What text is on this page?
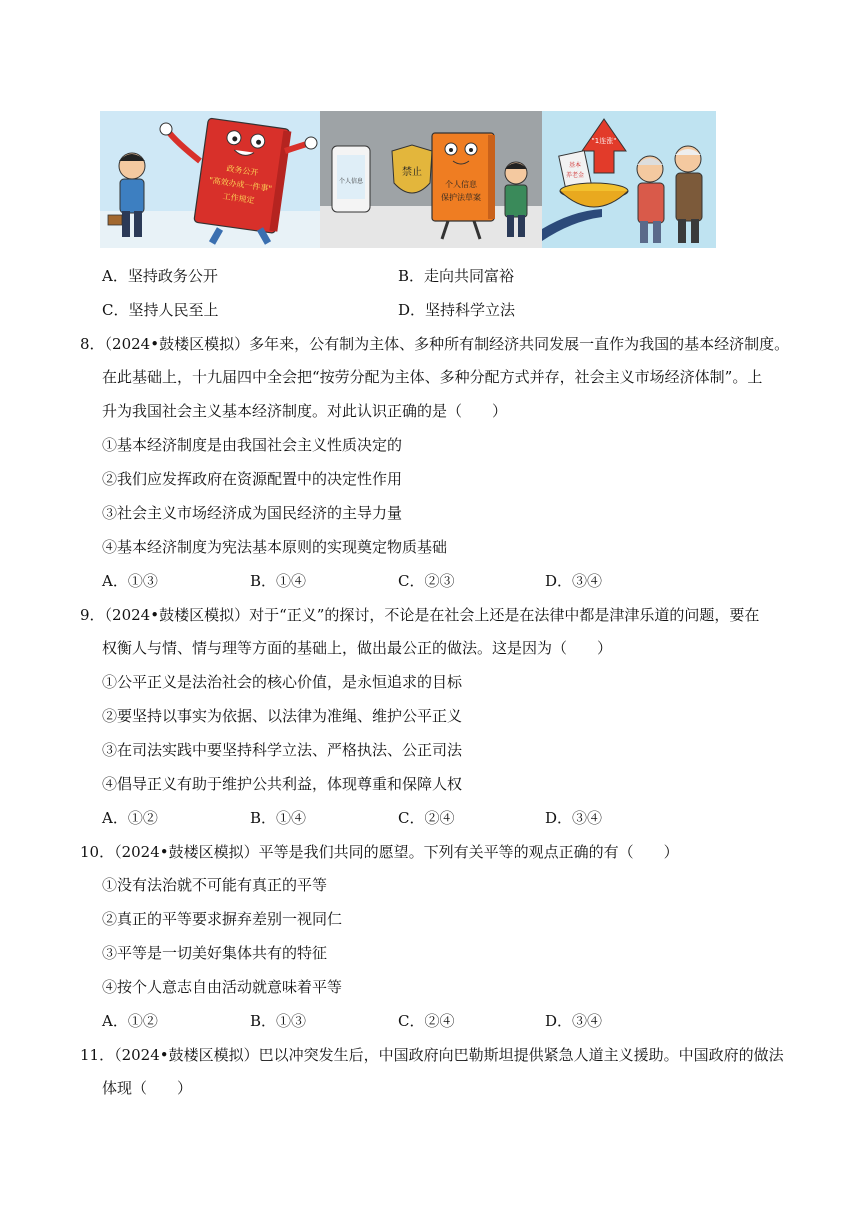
政务公开
"高效办成一件事"
工作规定
个人信息
禁止
个人信息
保护法草案
"1连涨"
基本
养老金
A．坚持政务公开	B．走向共同富裕
C．坚持人民至上	D．坚持科学立法
8．（2024•鼓楼区模拟）多年来，公有制为主体、多种所有制经济共同发展一直作为我国的基本经济制度。
在此基础上，十九届四中全会把“按劳分配为主体、多种分配方式并存，社会主义市场经济体制”。上
升为我国社会主义基本经济制度。对此认识正确的是（　　）
①基本经济制度是由我国社会主义性质决定的
②我们应发挥政府在资源配置中的决定性作用
③社会主义市场经济成为国民经济的主导力量
④基本经济制度为宪法基本原则的实现奠定物质基础
A．①③	B．①④	C．②③	D．③④
9．（2024•鼓楼区模拟）对于“正义”的探讨，不论是在社会上还是在法律中都是津津乐道的问题，要在
权衡人与情、情与理等方面的基础上，做出最公正的做法。这是因为（　　）
①公平正义是法治社会的核心价值，是永恒追求的目标
②要坚持以事实为依据、以法律为准绳、维护公平正义
③在司法实践中要坚持科学立法、严格执法、公正司法
④倡导正义有助于维护公共利益，体现尊重和保障人权
A．①②	B．①④	C．②④	D．③④
10．（2024•鼓楼区模拟）平等是我们共同的愿望。下列有关平等的观点正确的有（　　）
①没有法治就不可能有真正的平等
②真正的平等要求摒弃差别一视同仁
③平等是一切美好集体共有的特征
④按个人意志自由活动就意味着平等
A．①②	B．①③	C．②④	D．③④
11．（2024•鼓楼区模拟）巴以冲突发生后，中国政府向巴勒斯坦提供紧急人道主义援助。中国政府的做法
体现（　　）
